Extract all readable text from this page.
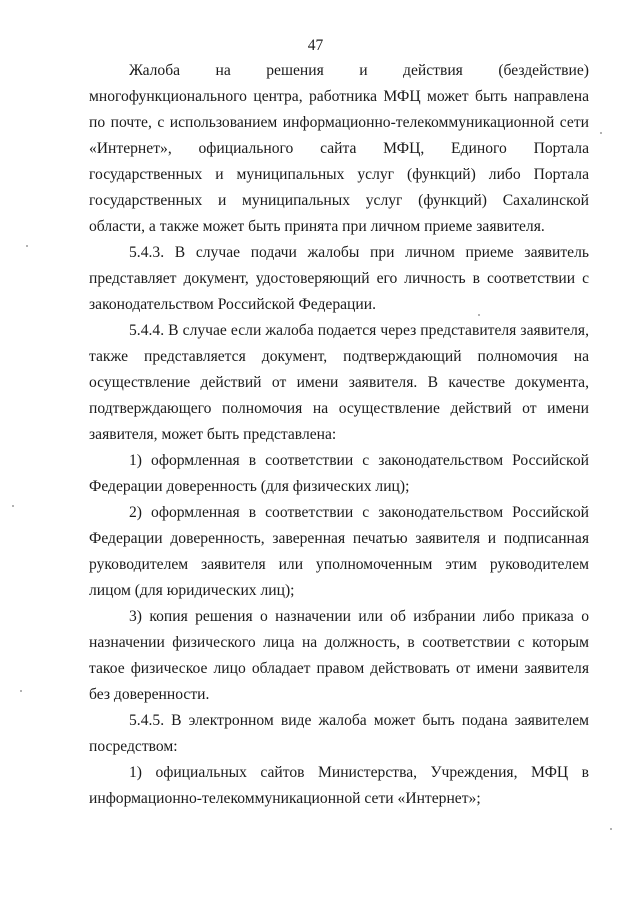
47

Жалоба на решения и действия (бездействие) многофункционального центра, работника МФЦ может быть направлена по почте, с использованием информационно-телекоммуникационной сети «Интернет», официального сайта МФЦ, Единого Портала государственных и муниципальных услуг (функций) либо Портала государственных и муниципальных услуг (функций) Сахалинской области, а также может быть принята при личном приеме заявителя.

5.4.3. В случае подачи жалобы при личном приеме заявитель представляет документ, удостоверяющий его личность в соответствии с законодательством Российской Федерации.

5.4.4. В случае если жалоба подается через представителя заявителя, также представляется документ, подтверждающий полномочия на осуществление действий от имени заявителя. В качестве документа, подтверждающего полномочия на осуществление действий от имени заявителя, может быть представлена:

1) оформленная в соответствии с законодательством Российской Федерации доверенность (для физических лиц);

2) оформленная в соответствии с законодательством Российской Федерации доверенность, заверенная печатью заявителя и подписанная руководителем заявителя или уполномоченным этим руководителем лицом (для юридических лиц);

3) копия решения о назначении или об избрании либо приказа о назначении физического лица на должность, в соответствии с которым такое физическое лицо обладает правом действовать от имени заявителя без доверенности.

5.4.5. В электронном виде жалоба может быть подана заявителем посредством:

1) официальных сайтов Министерства, Учреждения, МФЦ в информационно-телекоммуникационной сети «Интернет»;
